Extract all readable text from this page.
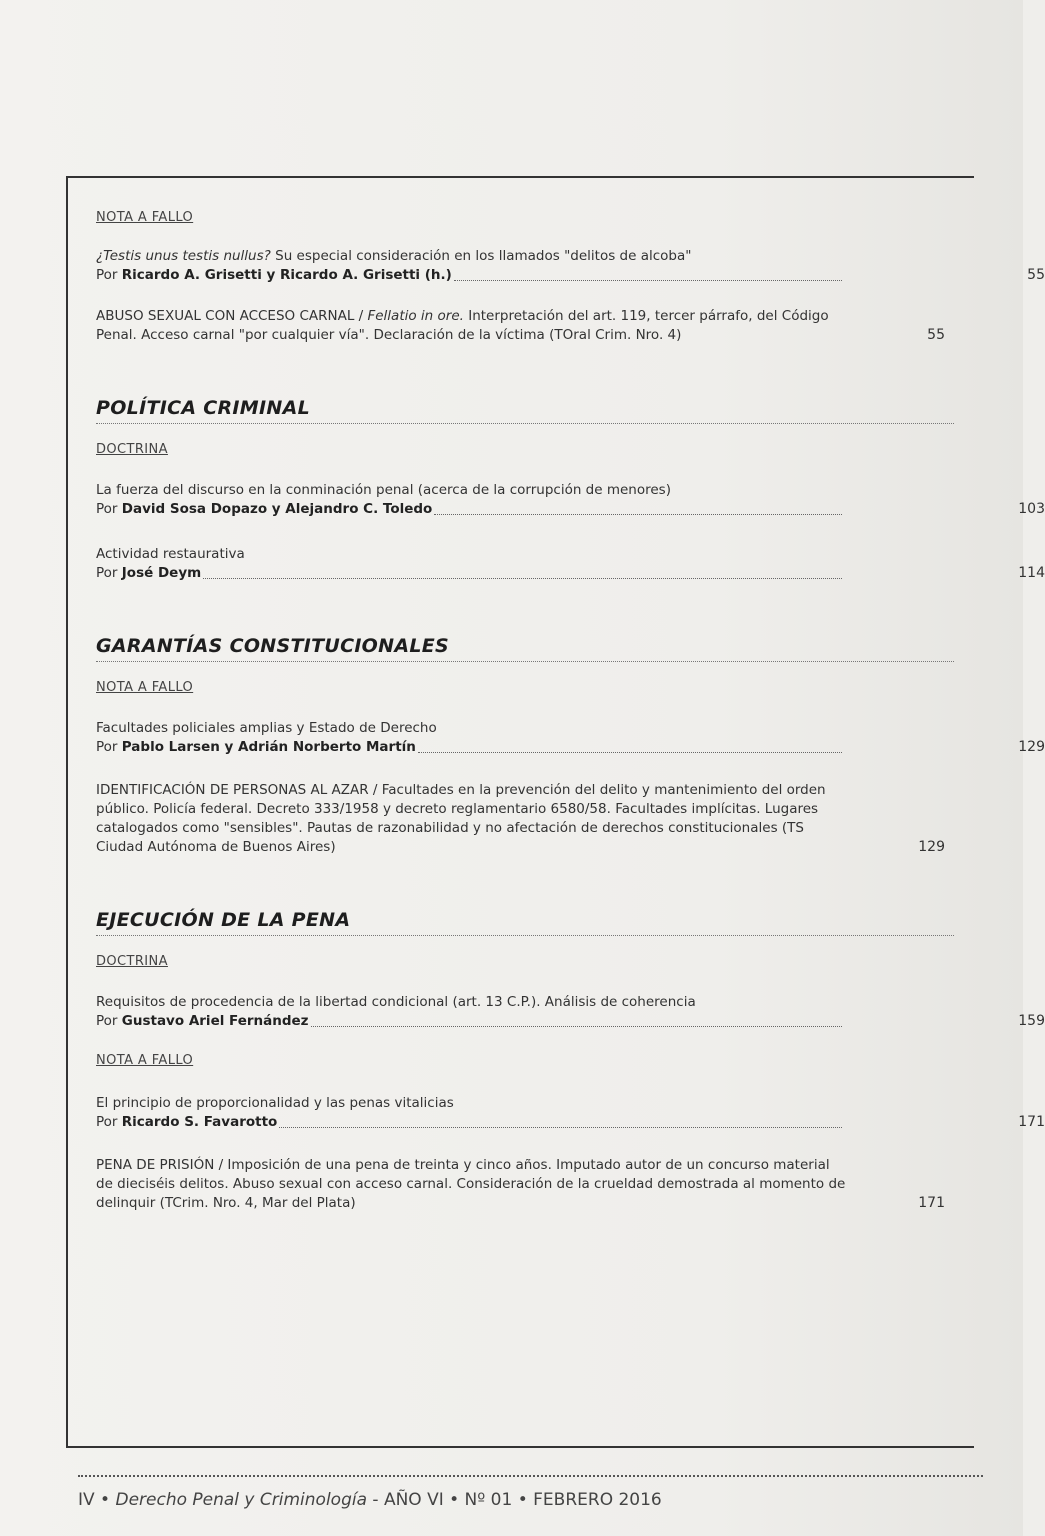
NOTA A FALLO

¿Testis unus testis nullus? Su especial consideración en los llamados "delitos de alcoba"
Por Ricardo A. Grisetti y Ricardo A. Grisetti (h.)	55
ABUSO SEXUAL CON ACCESO CARNAL / Fellatio in ore. Interpretación del art. 119, tercer párrafo, del Código Penal. Acceso carnal "por cualquier vía". Declaración de la víctima (TOral Crim. Nro. 4)	55
POLÍTICA CRIMINAL

DOCTRINA

La fuerza del discurso en la conminación penal (acerca de la corrupción de menores)
Por David Sosa Dopazo y Alejandro C. Toledo	103
Actividad restaurativa
Por José Deym	114
GARANTÍAS CONSTITUCIONALES

NOTA A FALLO

Facultades policiales amplias y Estado de Derecho
Por Pablo Larsen y Adrián Norberto Martín	129
IDENTIFICACIÓN DE PERSONAS AL AZAR / Facultades en la prevención del delito y mantenimiento del orden público. Policía federal. Decreto 333/1958 y decreto reglamentario 6580/58. Facultades implícitas. Lugares catalogados como "sensibles". Pautas de razonabilidad y no afectación de derechos constitucionales (TS Ciudad Autónoma de Buenos Aires)	129
EJECUCIÓN DE LA PENA

DOCTRINA

Requisitos de procedencia de la libertad condicional (art. 13 C.P.). Análisis de coherencia
Por Gustavo Ariel Fernández	159

NOTA A FALLO

El principio de proporcionalidad y las penas vitalicias
Por Ricardo S. Favarotto	171
PENA DE PRISIÓN / Imposición de una pena de treinta y cinco años. Imputado autor de un concurso material de dieciséis delitos. Abuso sexual con acceso carnal. Consideración de la crueldad demostrada al momento de delinquir (TCrim. Nro. 4, Mar del Plata)	171
IV • Derecho Penal y Criminología - AÑO VI • Nº 01 • FEBRERO 2016
